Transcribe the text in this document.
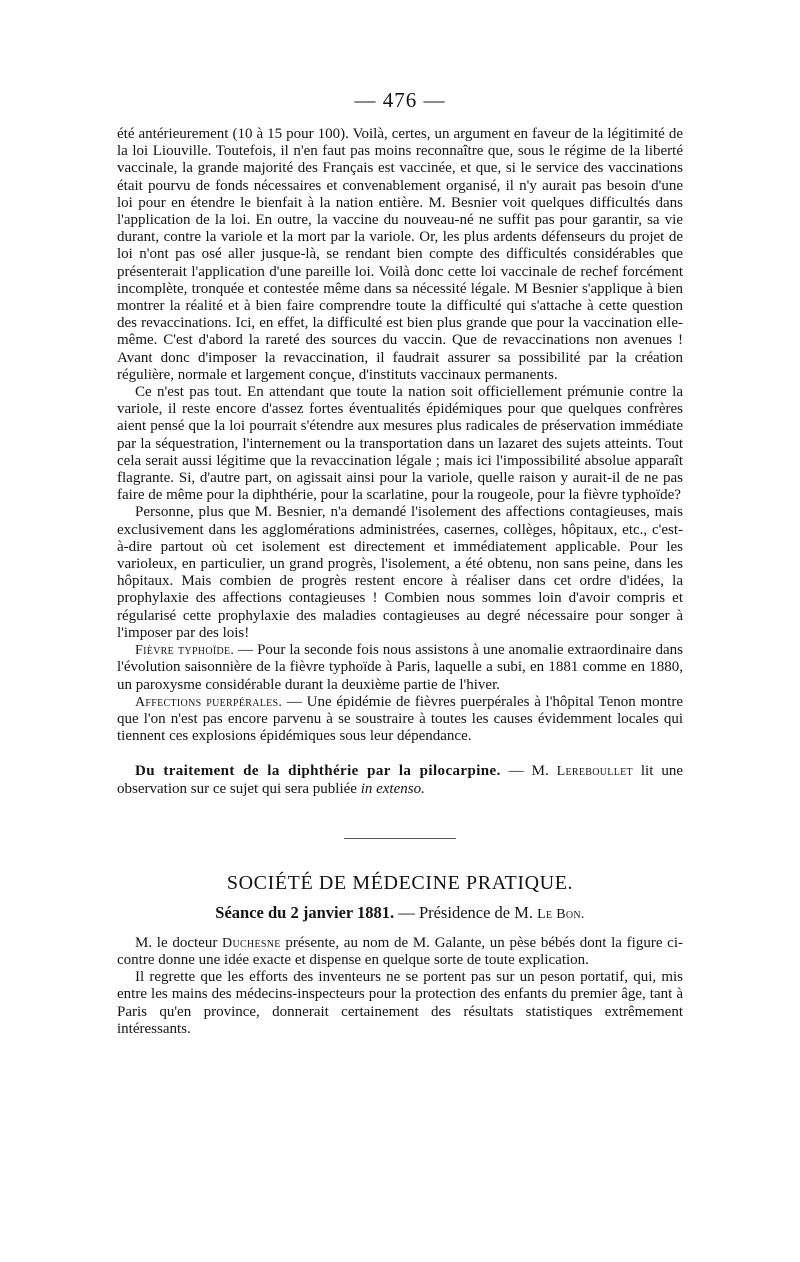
— 476 —

été antérieurement (10 à 15 pour 100). Voilà, certes, un argument en faveur de la légitimité de la loi Liouville. Toutefois, il n'en faut pas moins reconnaître que, sous le régime de la liberté vaccinale, la grande majorité des Français est vaccinée, et que, si le service des vaccinations était pourvu de fonds nécessaires et convenablement organisé, il n'y aurait pas besoin d'une loi pour en étendre le bienfait à la nation entière. M. Besnier voit quelques difficultés dans l'application de la loi. En outre, la vaccine du nouveau-né ne suffit pas pour garantir, sa vie durant, contre la variole et la mort par la variole. Or, les plus ardents défenseurs du projet de loi n'ont pas osé aller jusque-là, se rendant bien compte des difficultés considérables que présenterait l'application d'une pareille loi. Voilà donc cette loi vaccinale de rechef forcément incomplète, tronquée et contestée même dans sa nécessité légale. M Besnier s'applique à bien montrer la réalité et à bien faire comprendre toute la difficulté qui s'attache à cette question des revaccinations. Ici, en effet, la difficulté est bien plus grande que pour la vaccination elle-même. C'est d'abord la rareté des sources du vaccin. Que de revaccinations non avenues ! Avant donc d'imposer la revaccination, il faudrait assurer sa possibilité par la création régulière, normale et largement conçue, d'instituts vaccinaux permanents.

Ce n'est pas tout. En attendant que toute la nation soit officiellement prémunie contre la variole, il reste encore d'assez fortes éventualités épidémiques pour que quelques confrères aient pensé que la loi pourrait s'étendre aux mesures plus radicales de préservation immédiate par la séquestration, l'internement ou la transportation dans un lazaret des sujets atteints. Tout cela serait aussi légitime que la revaccination légale ; mais ici l'impossibilité absolue apparaît flagrante. Si, d'autre part, on agissait ainsi pour la variole, quelle raison y aurait-il de ne pas faire de même pour la diphthérie, pour la scarlatine, pour la rougeole, pour la fièvre typhoïde?

Personne, plus que M. Besnier, n'a demandé l'isolement des affections contagieuses, mais exclusivement dans les agglomérations administrées, casernes, collèges, hôpitaux, etc., c'est-à-dire partout où cet isolement est directement et immédiatement applicable. Pour les varioleux, en particulier, un grand progrès, l'isolement, a été obtenu, non sans peine, dans les hôpitaux. Mais combien de progrès restent encore à réaliser dans cet ordre d'idées, la prophylaxie des affections contagieuses ! Combien nous sommes loin d'avoir compris et régularisé cette prophylaxie des maladies contagieuses au degré nécessaire pour songer à l'imposer par des lois!

Fièvre typhoïde. — Pour la seconde fois nous assistons à une anomalie extraordinaire dans l'évolution saisonnière de la fièvre typhoïde à Paris, laquelle a subi, en 1881 comme en 1880, un paroxysme considérable durant la deuxième partie de l'hiver.

Affections puerpérales. — Une épidémie de fièvres puerpérales à l'hôpital Tenon montre que l'on n'est pas encore parvenu à se soustraire à toutes les causes évidemment locales qui tiennent ces explosions épidémiques sous leur dépendance.

Du traitement de la diphthérie par la pilocarpine. — M. Lereboullet lit une observation sur ce sujet qui sera publiée in extenso.

SOCIÉTÉ DE MÉDECINE PRATIQUE.
Séance du 2 janvier 1881. — Présidence de M. Le Bon.

M. le docteur Duchesne présente, au nom de M. Galante, un pèse bébés dont la figure ci-contre donne une idée exacte et dispense en quelque sorte de toute explication.

Il regrette que les efforts des inventeurs ne se portent pas sur un peson portatif, qui, mis entre les mains des médecins-inspecteurs pour la protection des enfants du premier âge, tant à Paris qu'en province, donnerait certainement des résultats statistiques extrêmement intéressants.
